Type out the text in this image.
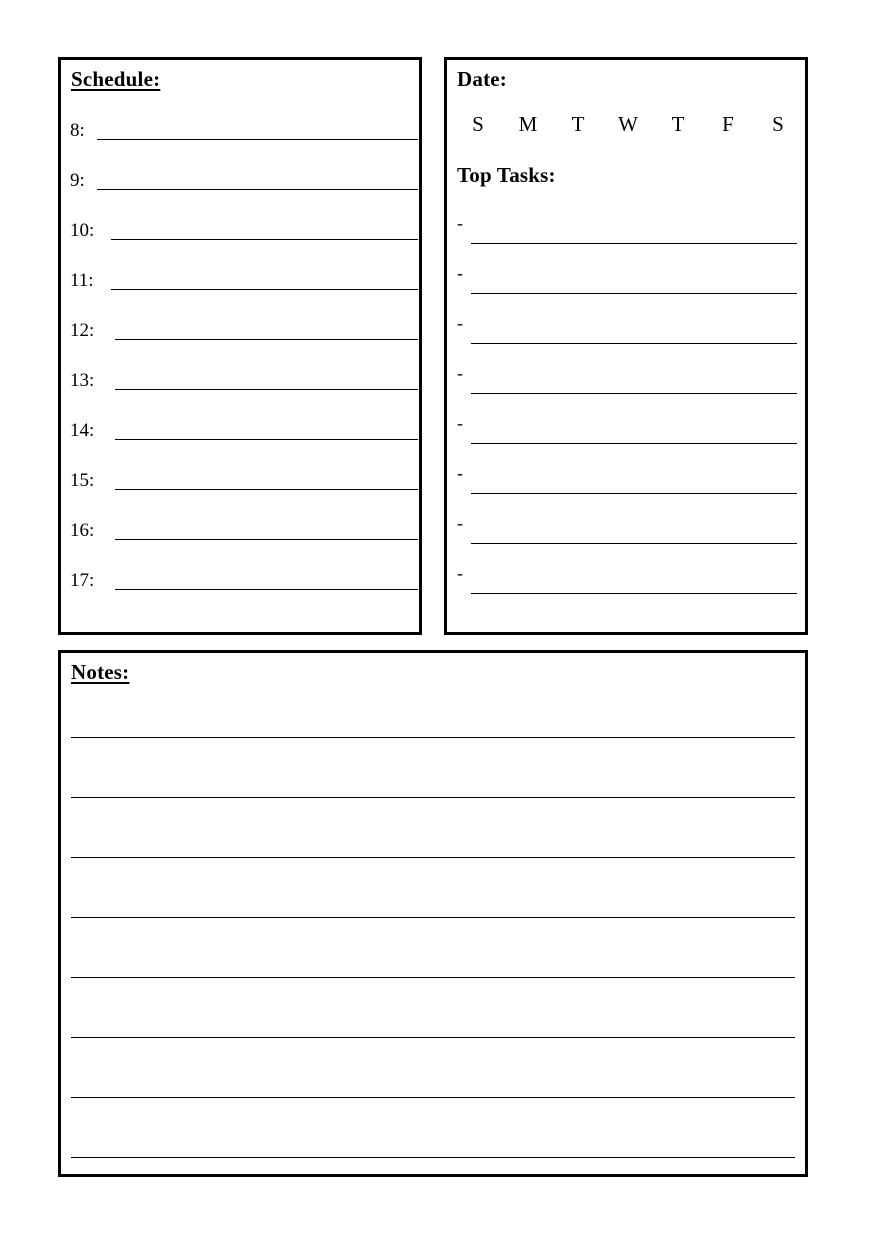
Schedule:
8:
9:
10:
11:
12:
13:
14:
15:
16:
17:
Date:
S	M	T	W	T	F	S
Top Tasks:
-
-
-
-
-
-
-
-
Notes:
